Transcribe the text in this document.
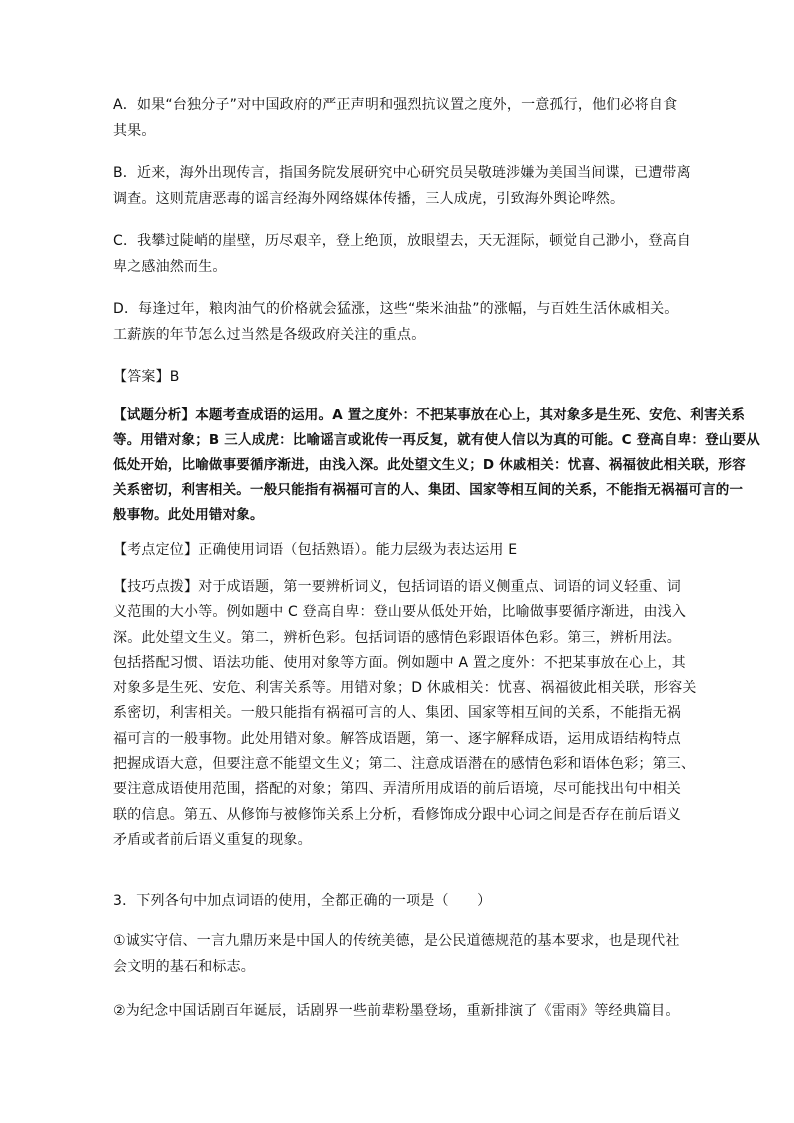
A．如果“台独分子”对中国政府的严正声明和强烈抗议置之度外，一意孤行，他们必将自食
其果。
B．近来，海外出现传言，指国务院发展研究中心研究员吴敬琏涉嫌为美国当间谍，已遭带离
调查。这则荒唐恶毒的谣言经海外网络媒体传播，三人成虎，引致海外舆论哗然。
C．我攀过陡峭的崖壁，历尽艰辛，登上绝顶，放眼望去，天无涯际，顿觉自己渺小，登高自
卑之感油然而生。
D．每逢过年，粮肉油气的价格就会猛涨，这些“柴米油盐”的涨幅，与百姓生活休戚相关。
工薪族的年节怎么过当然是各级政府关注的重点。
【答案】B
【试题分析】本题考查成语的运用。A 置之度外：不把某事放在心上，其对象多是生死、安危、利害关系
等。用错对象；B 三人成虎：比喻谣言或讹传一再反复，就有使人信以为真的可能。C 登高自卑：登山要从
低处开始，比喻做事要循序渐进，由浅入深。此处望文生义；D 休戚相关：忧喜、祸福彼此相关联，形容
关系密切，利害相关。一般只能指有祸福可言的人、集团、国家等相互间的关系，不能指无祸福可言的一
般事物。此处用错对象。
【考点定位】正确使用词语（包括熟语）。能力层级为表达运用 E
【技巧点拨】对于成语题，第一要辨析词义，包括词语的语义侧重点、词语的词义轻重、词
义范围的大小等。例如题中 C 登高自卑：登山要从低处开始，比喻做事要循序渐进，由浅入
深。此处望文生义。第二，辨析色彩。包括词语的感情色彩跟语体色彩。第三，辨析用法。
包括搭配习惯、语法功能、使用对象等方面。例如题中 A 置之度外：不把某事放在心上，其
对象多是生死、安危、利害关系等。用错对象；D 休戚相关：忧喜、祸福彼此相关联，形容关
系密切，利害相关。一般只能指有祸福可言的人、集团、国家等相互间的关系，不能指无祸
福可言的一般事物。此处用错对象。解答成语题，第一、逐字解释成语，运用成语结构特点
把握成语大意，但要注意不能望文生义；第二、注意成语潜在的感情色彩和语体色彩；第三、
要注意成语使用范围，搭配的对象；第四、弄清所用成语的前后语境，尽可能找出句中相关
联的信息。第五、从修饰与被修饰关系上分析，看修饰成分跟中心词之间是否存在前后语义
矛盾或者前后语义重复的现象。
3．下列各句中加点词语的使用，全都正确的一项是（　　）
①诚实守信、一言九鼎历来是中国人的传统美德，是公民道德规范的基本要求，也是现代社
会文明的基石和标志。
②为纪念中国话剧百年诞辰，话剧界一些前辈粉墨登场，重新排演了《雷雨》等经典篇目。
